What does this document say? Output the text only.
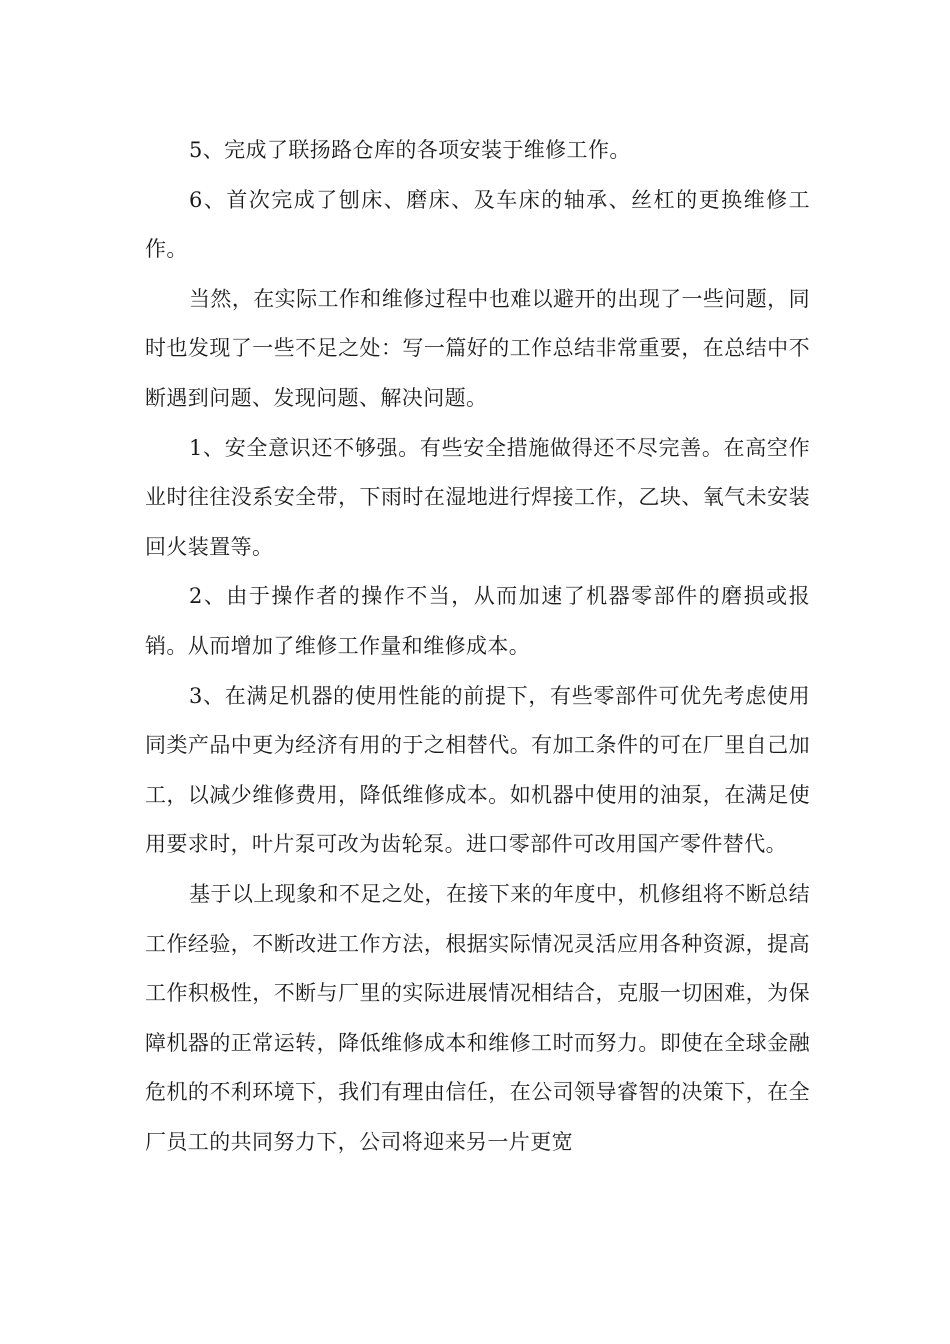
5、完成了联扬路仓库的各项安装于维修工作。

6、首次完成了刨床、磨床、及车床的轴承、丝杠的更换维修工作。

当然，在实际工作和维修过程中也难以避开的出现了一些问题，同时也发现了一些不足之处：写一篇好的工作总结非常重要，在总结中不断遇到问题、发现问题、解决问题。

1、安全意识还不够强。有些安全措施做得还不尽完善。在高空作业时往往没系安全带，下雨时在湿地进行焊接工作，乙块、氧气未安装回火装置等。

2、由于操作者的操作不当，从而加速了机器零部件的磨损或报销。从而增加了维修工作量和维修成本。

3、在满足机器的使用性能的前提下，有些零部件可优先考虑使用同类产品中更为经济有用的于之相替代。有加工条件的可在厂里自己加工，以减少维修费用，降低维修成本。如机器中使用的油泵，在满足使用要求时，叶片泵可改为齿轮泵。进口零部件可改用国产零件替代。

基于以上现象和不足之处，在接下来的年度中，机修组将不断总结工作经验，不断改进工作方法，根据实际情况灵活应用各种资源，提高工作积极性，不断与厂里的实际进展情况相结合，克服一切困难，为保障机器的正常运转，降低维修成本和维修工时而努力。即使在全球金融危机的不利环境下，我们有理由信任，在公司领导睿智的决策下，在全厂员工的共同努力下，公司将迎来另一片更宽
